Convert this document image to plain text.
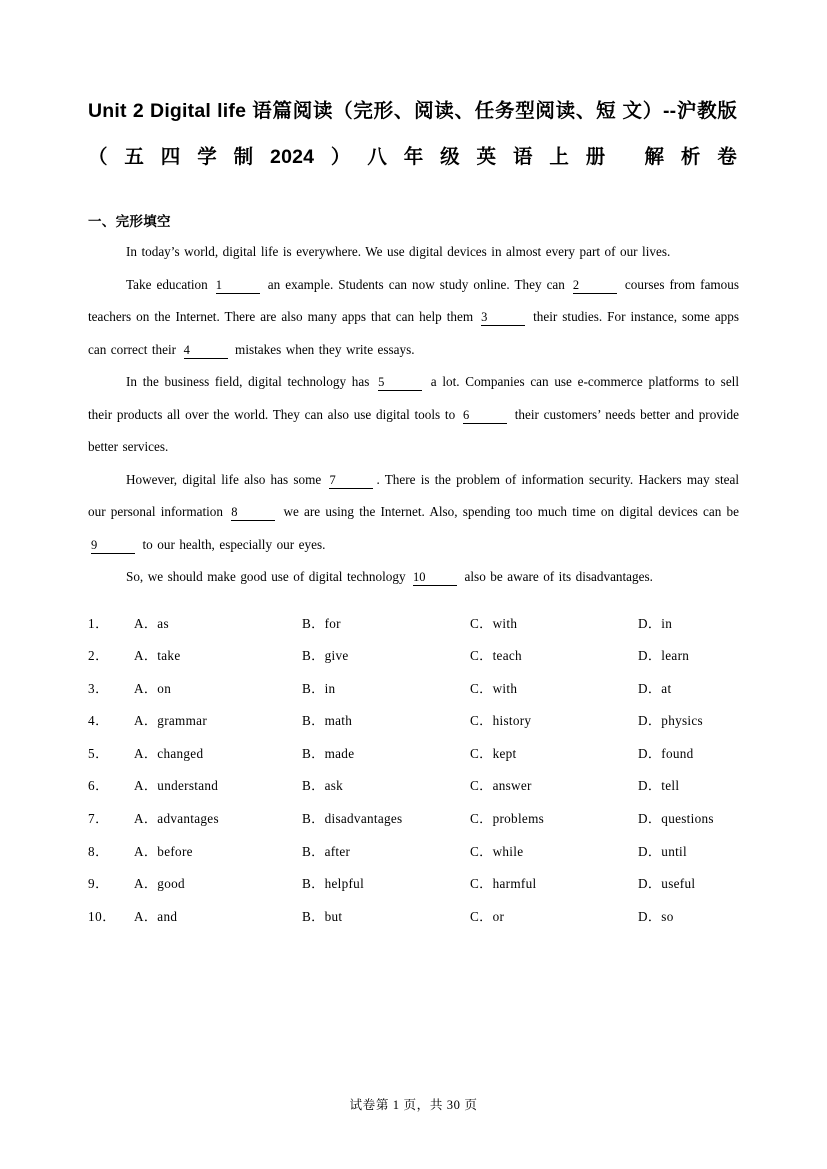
Unit 2 Digital life 语篇阅读（完形、阅读、任务型阅读、短 文）--沪教版（五四学制2024）八年级英语上册 解析卷
一、完形填空

In today’s world, digital life is everywhere. We use digital devices in almost every part of our lives.

Take education 1	an example. Students can now study online. They can 2	courses from famous teachers on the Internet. There are also many apps that can help them 3	their studies. For instance, some apps can correct their 4	mistakes when they write essays.

In the business field, digital technology has 5	a lot. Companies can use e-commerce platforms to sell their products all over the world. They can also use digital tools to 6	their customers’ needs better and provide better services.

However, digital life also has some 7	. There is the problem of information security. Hackers may steal our personal information 8	we are using the Internet. Also, spending too much time on digital devices can be 9	to our health, especially our eyes.

So, we should make good use of digital technology 10	also be aware of its disadvantages.

1．	A．as	B．for	C．with	D．in
2．	A．take	B．give	C．teach	D．learn
3．	A．on	B．in	C．with	D．at
4．	A．grammar	B．math	C．history	D．physics
5．	A．changed	B．made	C．kept	D．found
6．	A．understand	B．ask	C．answer	D．tell
7．	A．advantages	B．disadvantages	C．problems	D．questions
8．	A．before	B．after	C．while	D．until
9．	A．good	B．helpful	C．harmful	D．useful
10．	A．and	B．but	C．or	D．so
试卷第 1 页，共 30 页
